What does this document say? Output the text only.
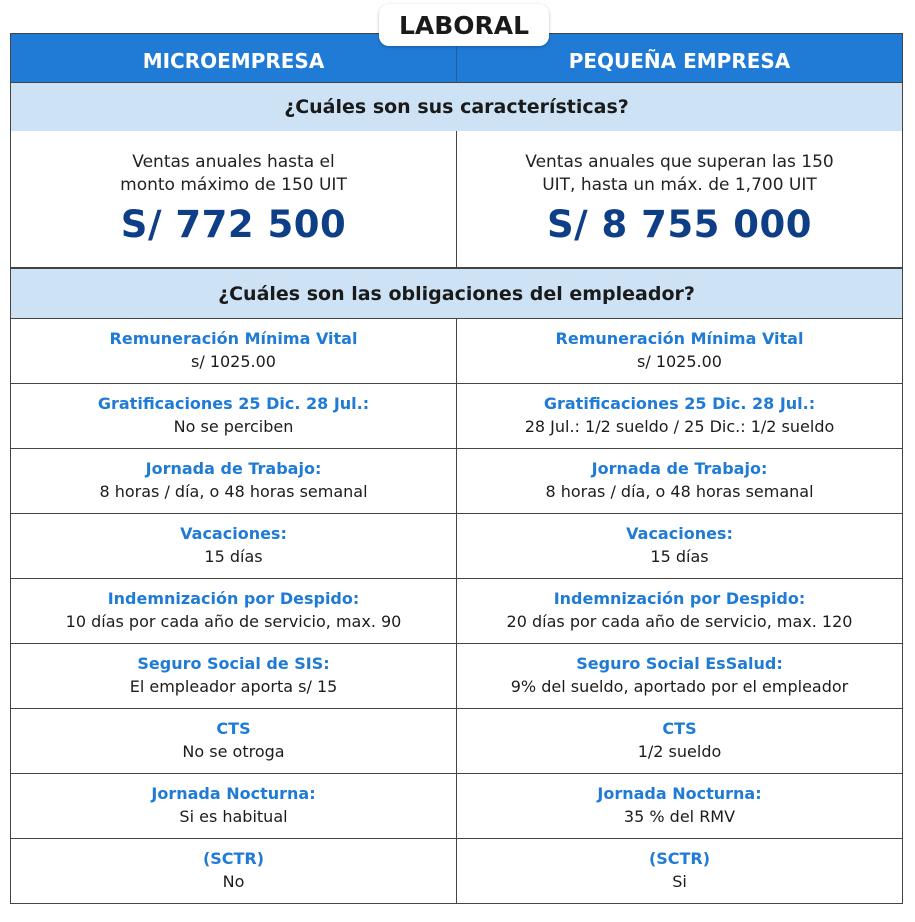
LABORAL
MICROEMPRESA	PEQUEÑA EMPRESA
¿Cuáles son sus características?
Ventas anuales hasta el
monto máximo de 150 UIT
S/ 772 500
Ventas anuales que superan las 150
UIT, hasta un máx. de 1,700 UIT
S/ 8 755 000
¿Cuáles son las obligaciones del empleador?
Remuneración Mínima Vital
s/ 1025.00
Remuneración Mínima Vital
s/ 1025.00
Gratificaciones 25 Dic. 28 Jul.:
No se perciben
Gratificaciones 25 Dic. 28 Jul.:
28 Jul.: 1/2 sueldo / 25 Dic.: 1/2 sueldo
Jornada de Trabajo:
8 horas / día, o 48 horas semanal
Jornada de Trabajo:
8 horas / día, o 48 horas semanal
Vacaciones:
15 días
Vacaciones:
15 días
Indemnización por Despido:
10 días por cada año de servicio, max. 90
Indemnización por Despido:
20 días por cada año de servicio, max. 120
Seguro Social de SIS:
El empleador aporta s/ 15
Seguro Social EsSalud:
9% del sueldo, aportado por el empleador
CTS
No se otroga
CTS
1/2 sueldo
Jornada Nocturna:
Si es habitual
Jornada Nocturna:
35 % del RMV
(SCTR)
No
(SCTR)
Si
